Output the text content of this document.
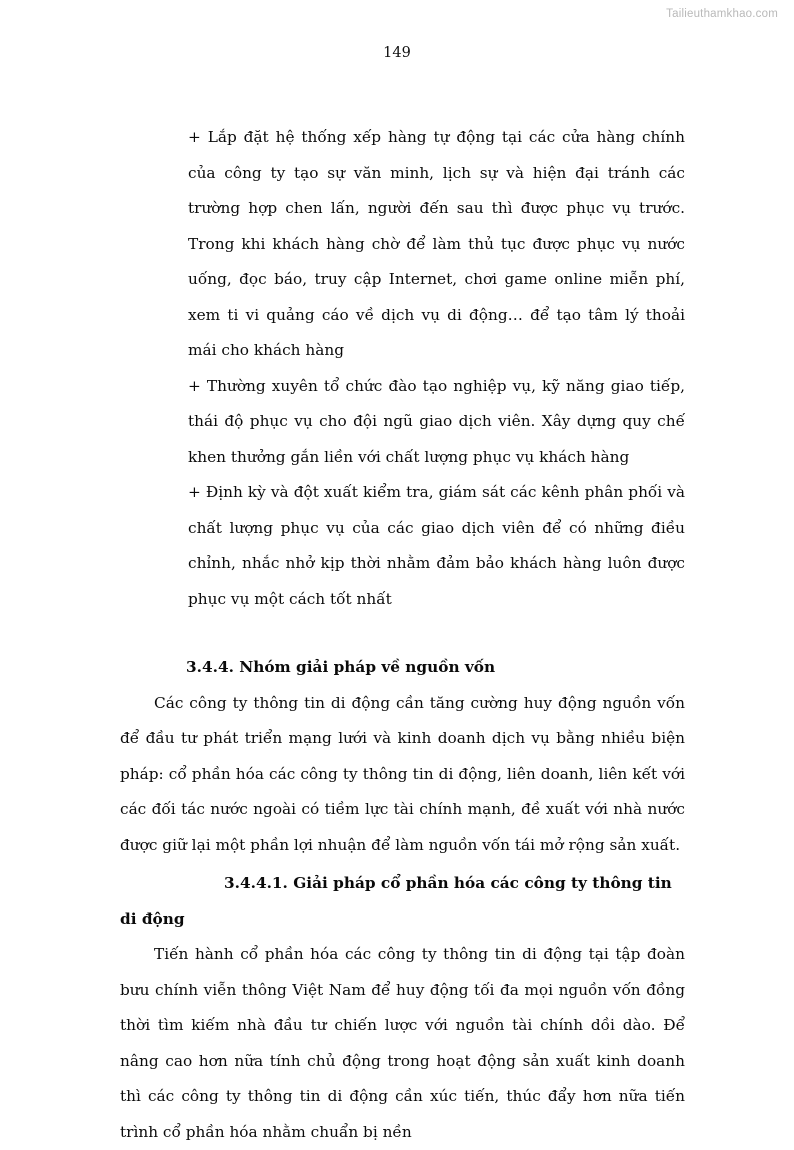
Tailieuthamkhao.com
149

+ Lắp đặt hệ thống xếp hàng tự động tại các cửa hàng chính của công ty tạo sự văn minh, lịch sự và hiện đại tránh các trường hợp chen lấn, người đến sau thì được phục vụ trước. Trong khi khách hàng chờ để làm thủ tục được phục vụ nước uống, đọc báo, truy cập Internet, chơi game online miễn phí, xem ti vi quảng cáo về dịch vụ di động… để tạo tâm lý thoải mái cho khách hàng

+ Thường xuyên tổ chức đào tạo nghiệp vụ, kỹ năng giao tiếp, thái độ phục vụ cho đội ngũ giao dịch viên. Xây dựng quy chế khen thưởng gắn liền với chất lượng phục vụ khách hàng

+ Định kỳ và đột xuất kiểm tra, giám sát các kênh phân phối và chất lượng phục vụ của các giao dịch viên để có những điều chỉnh, nhắc nhở kịp thời nhằm đảm bảo khách hàng luôn được phục vụ một cách tốt nhất

3.4.4. Nhóm giải pháp về nguồn vốn

Các công ty thông tin di động cần tăng cường huy động nguồn vốn để đầu tư phát triển mạng lưới và kinh doanh dịch vụ bằng nhiều biện pháp: cổ phần hóa các công ty thông tin di động, liên doanh, liên kết với các đối tác nước ngoài có tiềm lực tài chính mạnh, đề xuất với nhà nước được giữ lại một phần lợi nhuận để làm nguồn vốn tái mở rộng sản xuất.

3.4.4.1. Giải pháp cổ phần hóa các công ty thông tin di động

Tiến hành cổ phần hóa các công ty thông tin di động tại tập đoàn bưu chính viễn thông Việt Nam để huy động tối đa mọi nguồn vốn đồng thời tìm kiếm nhà đầu tư chiến lược với nguồn tài chính dồi dào. Để nâng cao hơn nữa tính chủ động trong hoạt động sản xuất kinh doanh thì các công ty thông tin di động cần xúc tiến, thúc đẩy hơn nữa tiến trình cổ phần hóa nhằm chuẩn bị nền
